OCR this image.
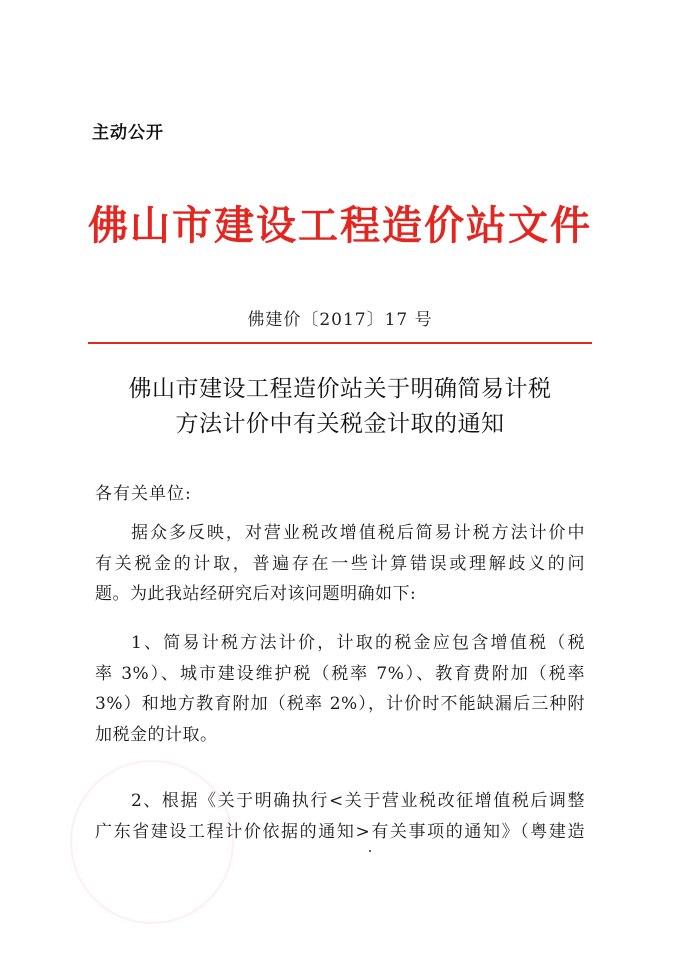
主动公开
佛山市建设工程造价站文件
佛建价〔2017〕17 号
佛山市建设工程造价站关于明确简易计税
方法计价中有关税金计取的通知
各有关单位:
据众多反映，对营业税改增值税后简易计税方法计价中
有关税金的计取，普遍存在一些计算错误或理解歧义的问
题。为此我站经研究后对该问题明确如下:
1、简易计税方法计价，计取的税金应包含增值税（税
率 3%）、城市建设维护税（税率 7%）、教育费附加（税率
3%）和地方教育附加（税率 2%），计价时不能缺漏后三种附
加税金的计取。
2、根据《关于明确执行<关于营业税改征增值税后调整
广东省建设工程计价依据的通知>有关事项的通知》（粤建造
